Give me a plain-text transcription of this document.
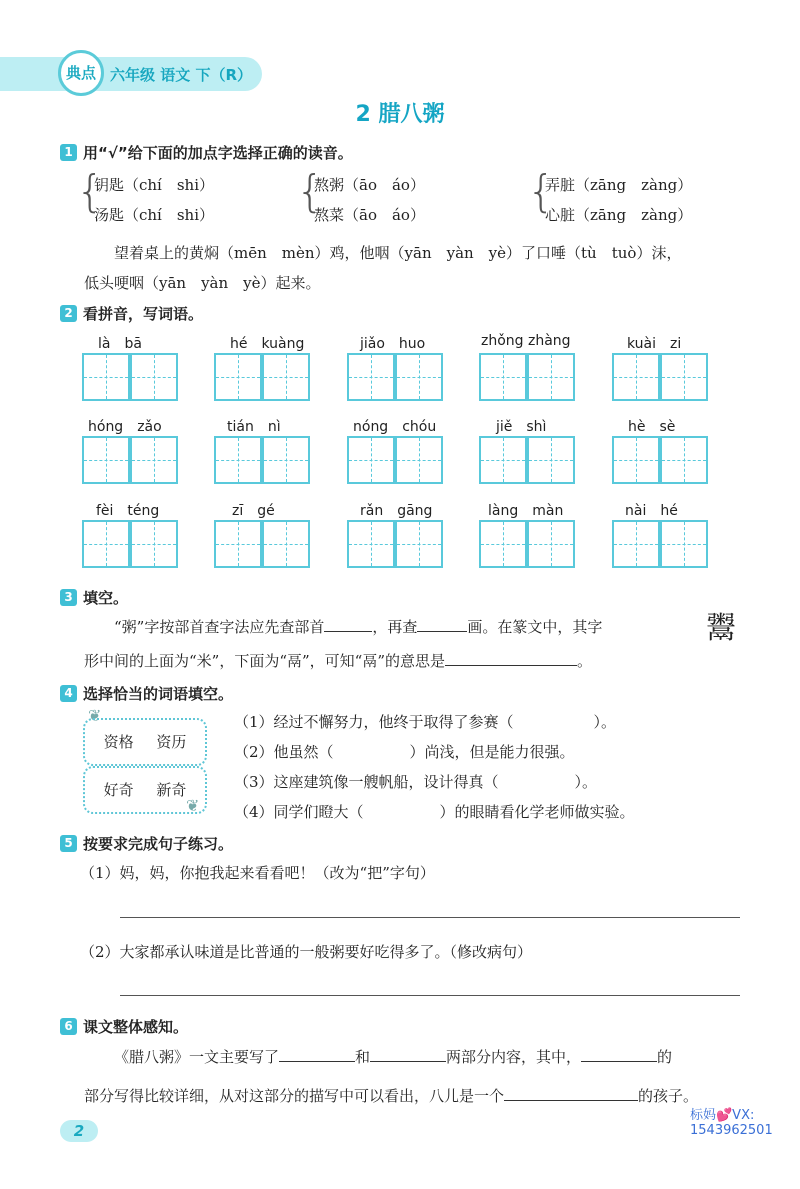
典点 六年级 语文 下（R）
2 腊八粥
1 用“√”给下面的加点字选择正确的读音。
{
钥匙（chí　shi）
汤匙（chí　shi） {
熬粥（āo　áo）
熬菜（āo　áo） {
弄脏（zāng　zàng）
心脏（zāng　zàng）
望着桌上的黄焖（mēn　mèn）鸡，他咽（yān　yàn　yè）了口唾（tù　tuò）沫，
低头哽咽（yān　yàn　yè）起来。
2 看拼音，写词语。
là　bā	hé　kuàng	jiǎo　huo	zhǒng zhàng	kuài　zi
hóng　zǎo	tián　nì	nóng　chóu	jiě　shì	hè　sè
fèi　téng	zī　gé	rǎn　gāng	làng　màn	nài　hé
3 填空。
“粥”字按部首查字法应先查部首	，再查	画。在篆文中，其字
形中间的上面为“米”，下面为“鬲”，可知“鬲”的意思是	。
鬻
4 选择恰当的词语填空。
❦
资格 资历
好奇 新奇
❦
（1）经过不懈努力，他终于取得了参赛（	）。
（2）他虽然（	）尚浅，但是能力很强。
（3）这座建筑像一艘帆船，设计得真（	）。
（4）同学们瞪大（	）的眼睛看化学老师做实验。
5 按要求完成句子练习。
（1）妈，妈，你抱我起来看看吧！（改为“把”字句）
（2）大家都承认味道是比普通的一般粥要好吃得多了。（修改病句）
6 课文整体感知。
《腊八粥》一文主要写了	和	两部分内容，其中，	的
部分写得比较详细，从对这部分的描写中可以看出，八儿是一个	的孩子。
2
标妈💕VX:
1543962501
